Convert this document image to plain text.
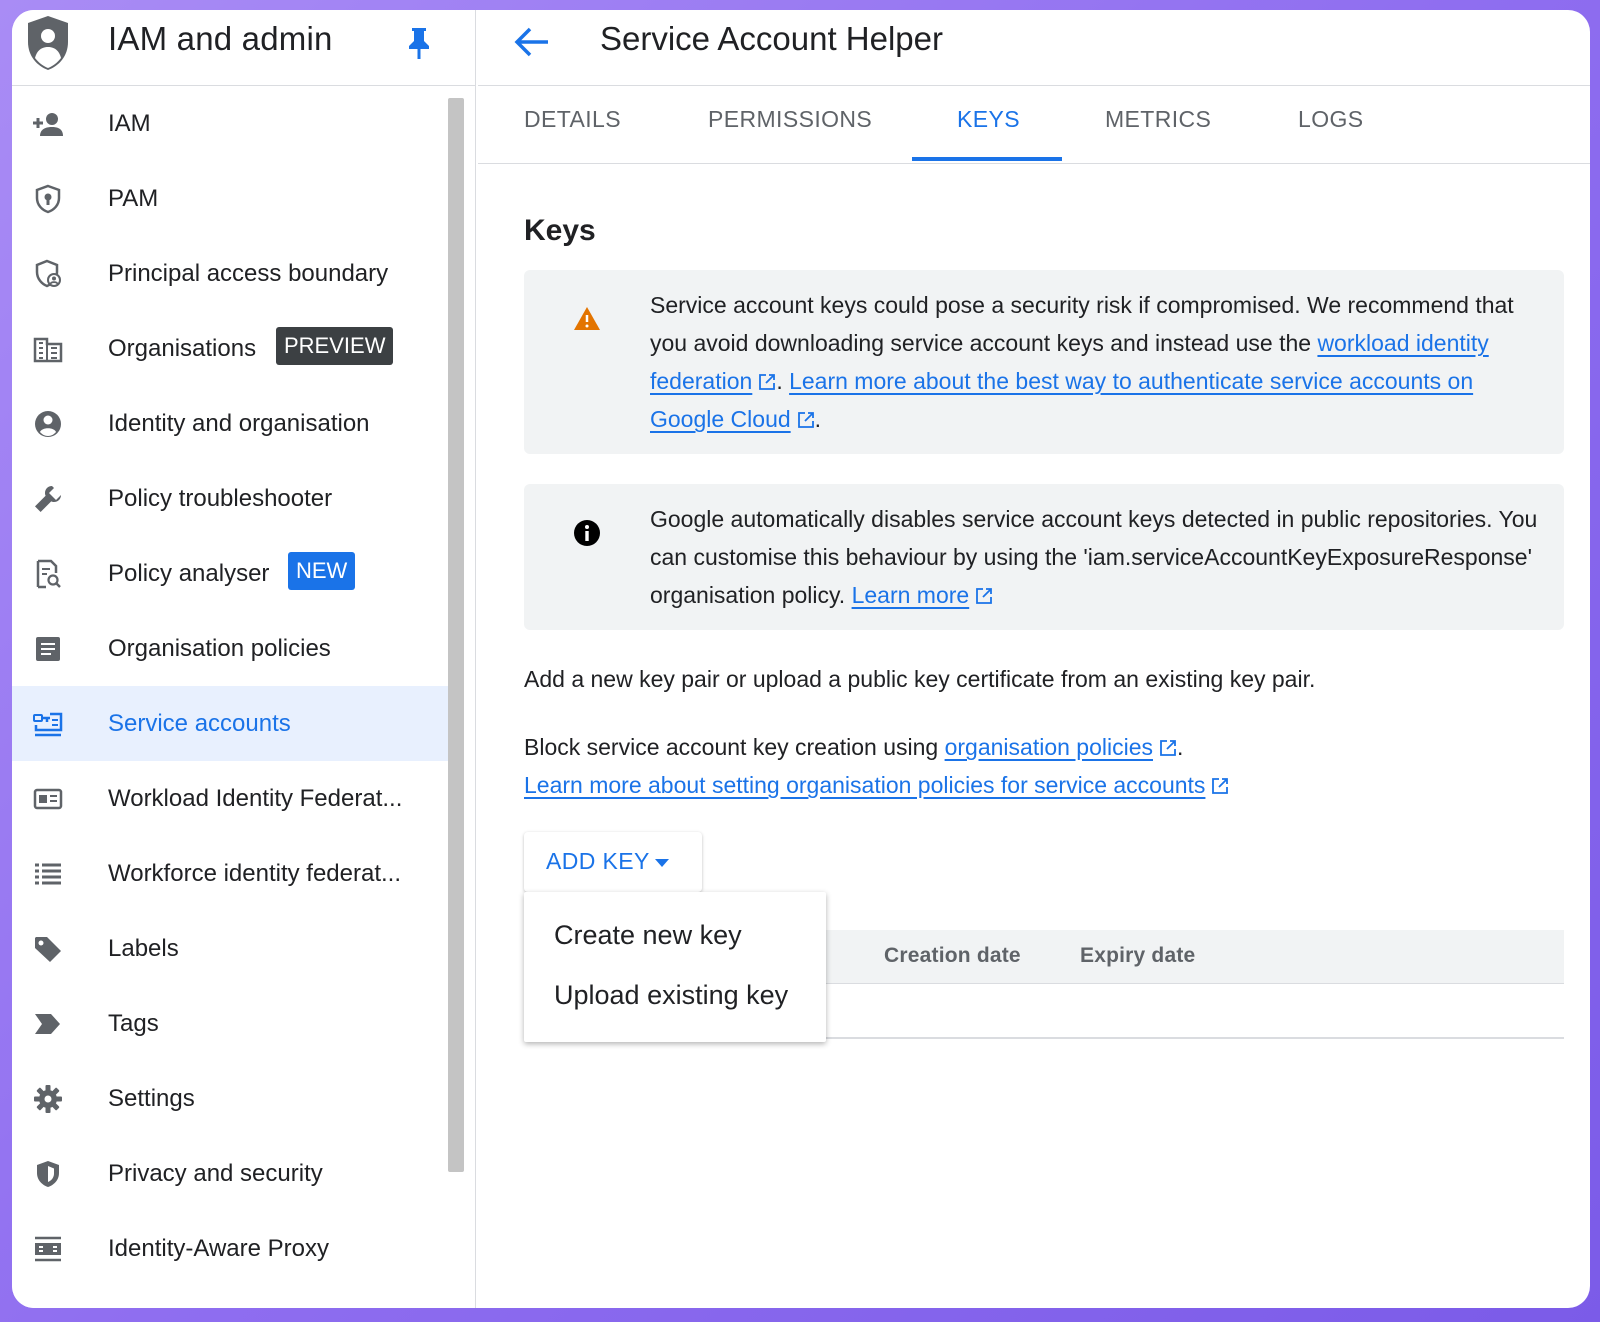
IAM and admin
IAM
PAM
Principal access boundary
Organisations	PREVIEW
Identity and organisation
Policy troubleshooter
Policy analyser	NEW
Organisation policies
Service accounts
Workload Identity Federat...
Workforce identity federat...
Labels
Tags
Settings
Privacy and security
Identity-Aware Proxy
Service Account Helper
DETAILS	PERMISSIONS	KEYS	METRICS	LOGS
Keys
Service account keys could pose a security risk if compromised. We recommend that you avoid downloading service account keys and instead use the workload identity federation . Learn more about the best way to authenticate service accounts on Google Cloud .
Google automatically disables service account keys detected in public repositories. You can customise this behaviour by using the 'iam.serviceAccountKeyExposureResponse' organisation policy. Learn more
Add a new key pair or upload a public key certificate from an existing key pair.
Block service account key creation using organisation policies .
Learn more about setting organisation policies for service accounts
ADD KEY
Creation date	Expiry date
Create new key
Upload existing key
